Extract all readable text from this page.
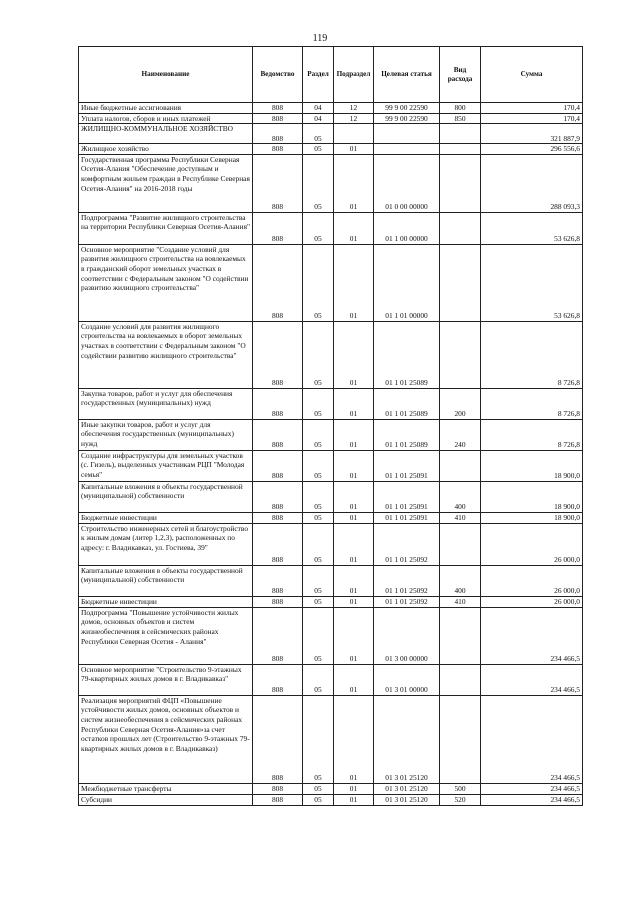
119
Наименование	Ведомство	Раздел	Подраздел	Целевая статья	Вид расхода	Сумма
Иные бюджетные ассигнования	808	04	12	99 9 00 22590	800	170,4
Уплата налогов, сборов и иных платежей	808	04	12	99 9 00 22590	850	170,4
ЖИЛИЩНО-КОММУНАЛЬНОЕ ХОЗЯЙСТВО	808	05				321 887,9
Жилищное хозяйство	808	05	01			296 556,6
Государственная программа Республики Северная Осетия-Алания "Обеспечение доступным и комфортным жильем граждан в Республике Северная Осетия-Алания" на 2016-2018 годы	808	05	01	01 0 00 00000		288 093,3
Подпрограмма "Развитие жилищного строительства на территории Республики Северная Осетия-Алания"	808	05	01	01 1 00 00000		53 626,8
Основное мероприятие "Создание условий для развития жилищного строительства на вовлекаемых в гражданский оборот земельных участках в соответствии с Федеральным законом "О содействии развитию жилищного строительства"	808	05	01	01 1 01 00000		53 626,8
Создание условий для развития жилищного строительства на вовлекаемых в оборот земельных участках в соответствии с Федеральным законом "О содействии развитию жилищного строительства"	808	05	01	01 1 01 25089		8 726,8
Закупка товаров, работ и услуг для обеспечения государственных (муниципальных) нужд	808	05	01	01 1 01 25089	200	8 726,8
Иные закупки товаров, работ и услуг для обеспечения государственных (муниципальных) нужд	808	05	01	01 1 01 25089	240	8 726,8
Создание инфраструктуры для земельных участков (с. Гизель), выделенных участникам РЦП "Молодая семья"	808	05	01	01 1 01 25091		18 900,0
Капитальные вложения в объекты государственной (муниципальной) собственности	808	05	01	01 1 01 25091	400	18 900,0
Бюджетные инвестиции	808	05	01	01 1 01 25091	410	18 900,0
Строительство инженерных сетей и благоустройство к жилым домам (литер 1,2,3), расположенных по адресу: г. Владикавказ, ул. Гостиева, 39"	808	05	01	01 1 01 25092		26 000,0
Капитальные вложения в объекты государственной (муниципальной) собственности	808	05	01	01 1 01 25092	400	26 000,0
Бюджетные инвестиции	808	05	01	01 1 01 25092	410	26 000,0
Подпрограмма "Повышение устойчивости жилых домов, основных объектов и систем жизнеобеспечения в сейсмических районах Республики Северная Осетия - Алания"	808	05	01	01 3 00 00000		234 466,5
Основное мероприятие "Строительство 9-этажных 79-квартирных жилых домов в г. Владикавказ"	808	05	01	01 3 01 00000		234 466,5
Реализация мероприятий ФЦП «Повышение устойчивости жилых домов, основных объектов и систем жизнеобеспечения в сейсмических районах Республики Северная Осетия-Алания»за счет остатков прошлых лет (Строительство 9-этажных 79-квартирных жилых домов в г. Владикавказ)	808	05	01	01 3 01 25120		234 466,5
Межбюджетные трансферты	808	05	01	01 3 01 25120	500	234 466,5
Субсидии	808	05	01	01 3 01 25120	520	234 466,5
